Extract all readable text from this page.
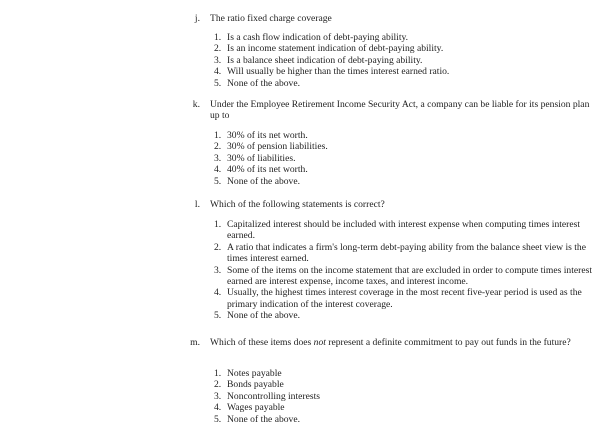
j. The ratio fixed charge coverage
1. Is a cash flow indication of debt-paying ability.
2. Is an income statement indication of debt-paying ability.
3. Is a balance sheet indication of debt-paying ability.
4. Will usually be higher than the times interest earned ratio.
5. None of the above.
k. Under the Employee Retirement Income Security Act, a company can be liable for its pension plan up to
1. 30% of its net worth.
2. 30% of pension liabilities.
3. 30% of liabilities.
4. 40% of its net worth.
5. None of the above.
l. Which of the following statements is correct?
1. Capitalized interest should be included with interest expense when computing times interest earned.
2. A ratio that indicates a firm's long-term debt-paying ability from the balance sheet view is the times interest earned.
3. Some of the items on the income statement that are excluded in order to compute times interest earned are interest expense, income taxes, and interest income.
4. Usually, the highest times interest coverage in the most recent five-year period is used as the primary indication of the interest coverage.
5. None of the above.
m. Which of these items does not represent a definite commitment to pay out funds in the future?
1. Notes payable
2. Bonds payable
3. Noncontrolling interests
4. Wages payable
5. None of the above.
